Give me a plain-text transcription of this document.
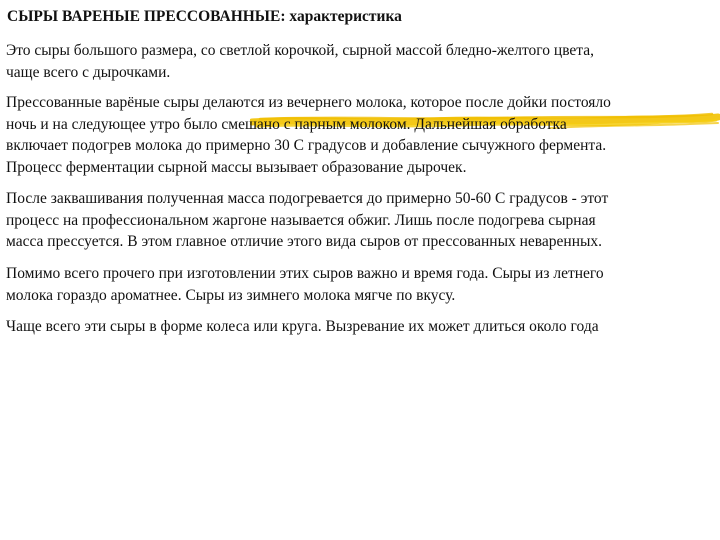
СЫРЫ ВАРЕНЫЕ ПРЕССОВАННЫЕ: характеристика

Это сыры большого размера, со светлой корочкой, сырной массой бледно-желтого цвета,
чаще всего с дырочками.

Прессованные варёные сыры делаются из вечернего молока, которое после дойки постояло
ночь и на следующее утро было смешано с парным молоком. Дальнейшая обработка
включает подогрев молока до примерно 30 С градусов и добавление сычужного фермента.
Процесс ферментации сырной массы вызывает образование дырочек.

После заквашивания полученная масса подогревается до примерно 50-60 С градусов - этот
процесс на профессиональном жаргоне называется обжиг. Лишь после подогрева сырная
масса прессуется. В этом главное отличие этого вида сыров от прессованных неваренных.

Помимо всего прочего при изготовлении этих сыров важно и время года. Сыры из летнего
молока гораздо ароматнее. Сыры из зимнего молока мягче по вкусу.

Чаще всего эти сыры в форме колеса или круга. Вызревание их может длиться около года
